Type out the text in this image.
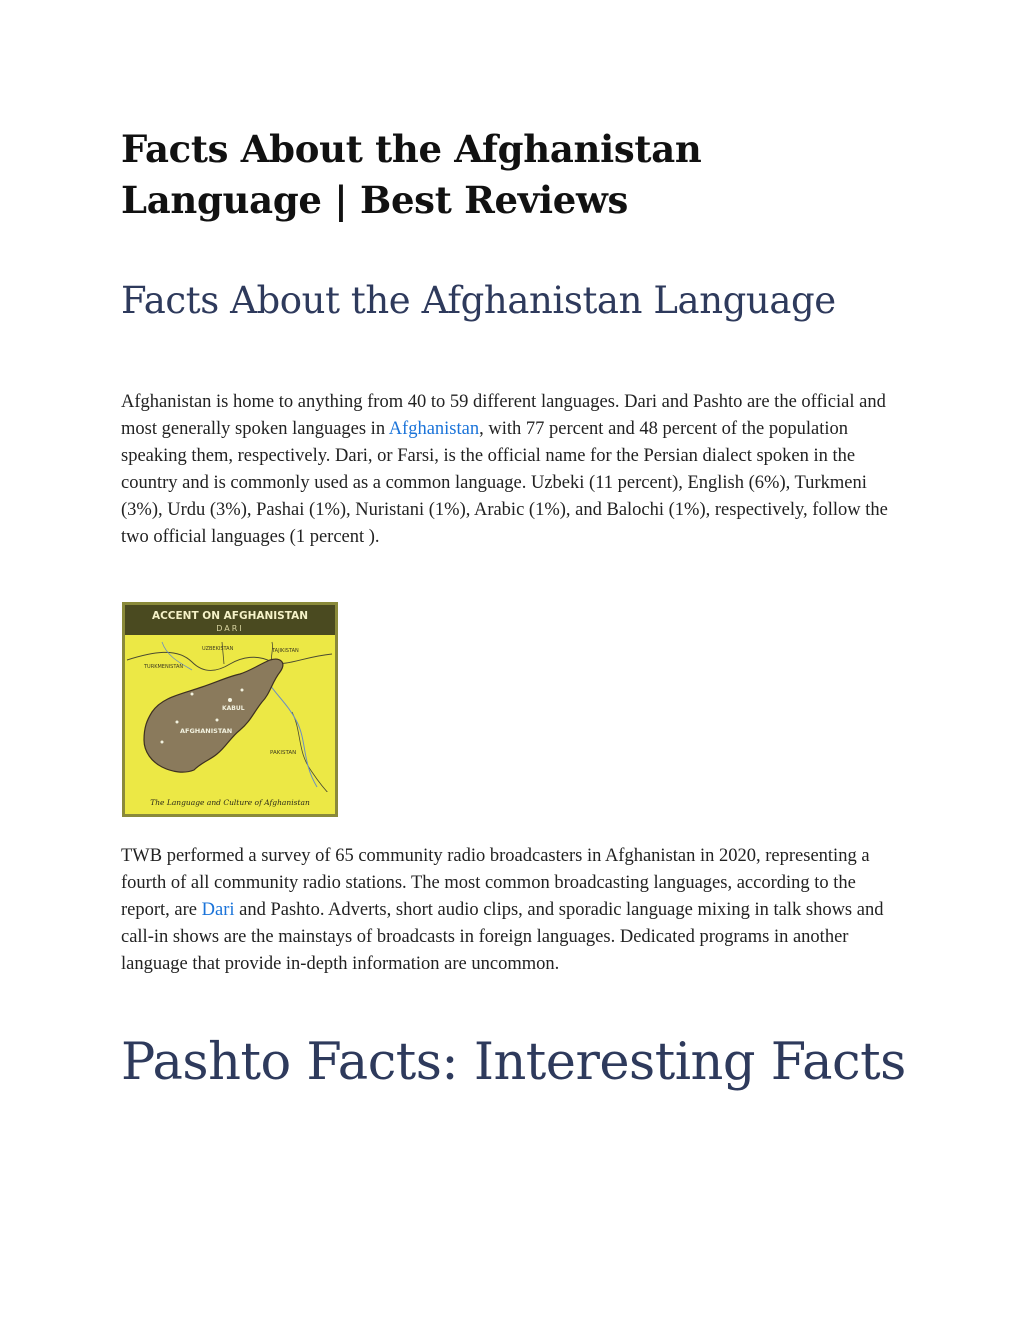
Facts About the Afghanistan Language | Best Reviews
Facts About the Afghanistan Language

Afghanistan is home to anything from 40 to 59 different languages. Dari and Pashto are the official and most generally spoken languages in Afghanistan, with 77 percent and 48 percent of the population speaking them, respectively. Dari, or Farsi, is the official name for the Persian dialect spoken in the country and is commonly used as a common language. Uzbeki (11 percent), English (6%), Turkmeni (3%), Urdu (3%), Pashai (1%), Nuristani (1%), Arabic (1%), and Balochi (1%), respectively, follow the two official languages (1 percent ).

ACCENT ON AFGHANISTAN
DARI
UZBEKISTAN	TAJIKISTAN
TURKMENISTAN
KABUL
AFGHANISTAN
PAKISTAN
The Language and Culture of Afghanistan

TWB performed a survey of 65 community radio broadcasters in Afghanistan in 2020, representing a fourth of all community radio stations. The most common broadcasting languages, according to the report, are Dari and Pashto. Adverts, short audio clips, and sporadic language mixing in talk shows and call-in shows are the mainstays of broadcasts in foreign languages. Dedicated programs in another language that provide in-depth information are uncommon.

Pashto Facts: Interesting Facts
